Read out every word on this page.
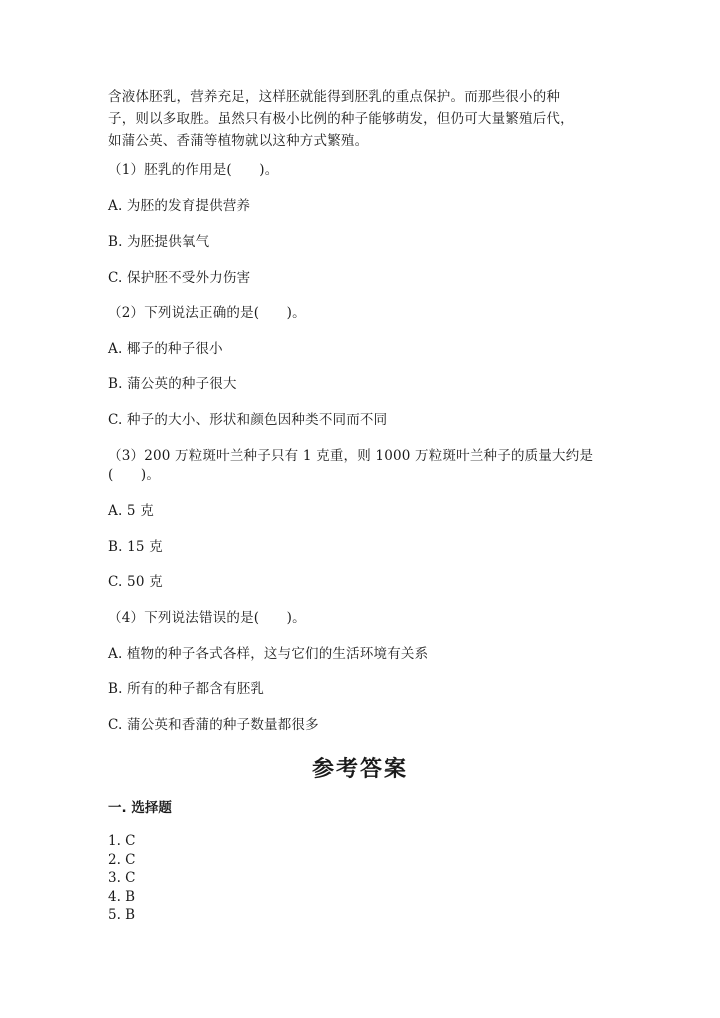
含液体胚乳，营养充足，这样胚就能得到胚乳的重点保护。而那些很小的种

子，则以多取胜。虽然只有极小比例的种子能够萌发，但仍可大量繁殖后代，

如蒲公英、香蒲等植物就以这种方式繁殖。

（1）胚乳的作用是(　　)。
A. 为胚的发育提供营养
B. 为胚提供氧气
C. 保护胚不受外力伤害
（2）下列说法正确的是(　　)。
A. 椰子的种子很小
B. 蒲公英的种子很大
C. 种子的大小、形状和颜色因种类不同而不同
（3）200 万粒斑叶兰种子只有 1 克重，则 1000 万粒斑叶兰种子的质量大约是
(　　)。
A. 5 克
B. 15 克
C. 50 克
（4）下列说法错误的是(　　)。
A. 植物的种子各式各样，这与它们的生活环境有关系
B. 所有的种子都含有胚乳
C. 蒲公英和香蒲的种子数量都很多
参考答案
一. 选择题
1. C
2. C
3. C
4. B
5. B
